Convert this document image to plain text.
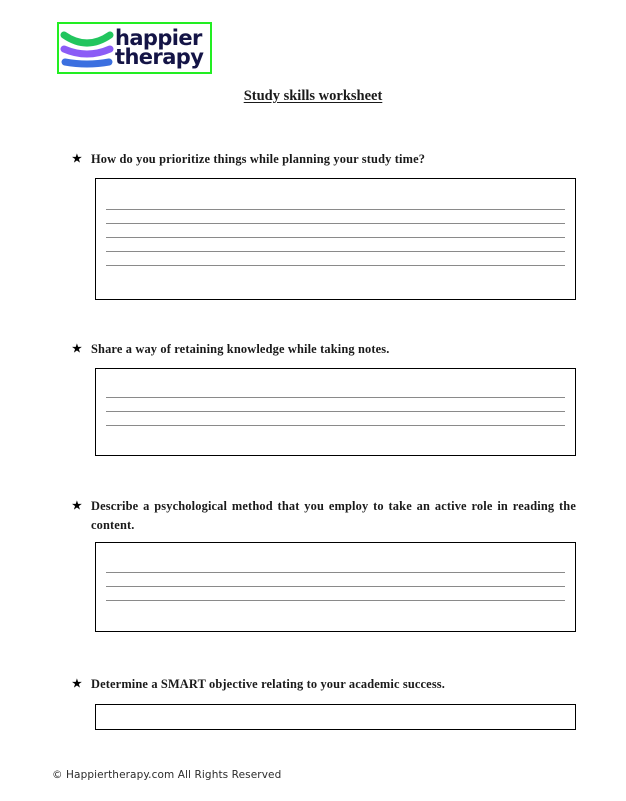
happier
therapy
Study skills worksheet
★ How do you prioritize things while planning your study time?
★ Share a way of retaining knowledge while taking notes.
★ Describe a psychological method that you employ to take an active role in reading the content.
★ Determine a SMART objective relating to your academic success.
© Happiertherapy.com All Rights Reserved
